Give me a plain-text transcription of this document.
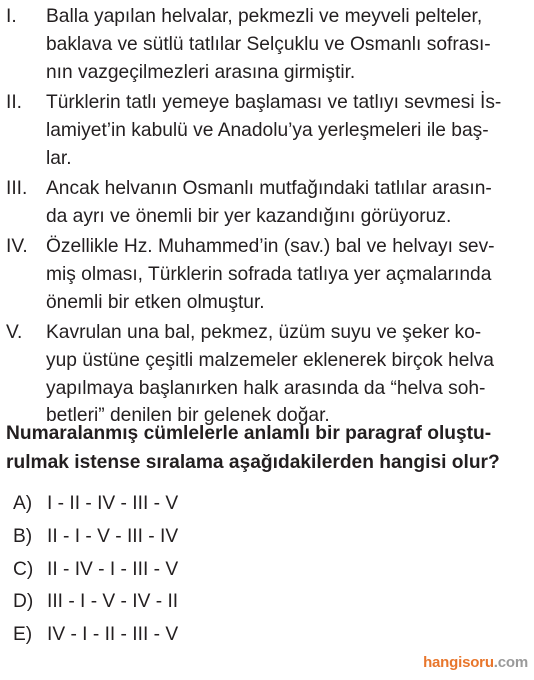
I.	Balla yapılan helvalar, pekmezli ve meyveli pelteler,
baklava ve sütlü tatlılar Selçuklu ve Osmanlı sofrası-
nın vazgeçilmezleri arasına girmiştir.
II.	Türklerin tatlı yemeye başlaması ve tatlıyı sevmesi İs-
lamiyet’in kabulü ve Anadolu’ya yerleşmeleri ile baş-
lar.
III. Ancak helvanın Osmanlı mutfağındaki tatlılar arasın-
da ayrı ve önemli bir yer kazandığını görüyoruz.
IV. Özellikle Hz. Muhammed’in (sav.) bal ve helvayı sev-
miş olması, Türklerin sofrada tatlıya yer açmalarında
önemli bir etken olmuştur.
V.	Kavrulan una bal, pekmez, üzüm suyu ve şeker ko-
yup üstüne çeşitli malzemeler eklenerek birçok helva
yapılmaya başlanırken halk arasında da “helva soh-
betleri” denilen bir gelenek doğar.
Numaralanmış cümlelerle anlamlı bir paragraf oluştu-
rulmak istense sıralama aşağıdakilerden hangisi olur?
A) I - II - IV - III - V
B) II - I - V - III - IV
C) II - IV - I - III - V
D) III - I - V - IV - II
E) IV - I - II - III - V
hangisoru.com
